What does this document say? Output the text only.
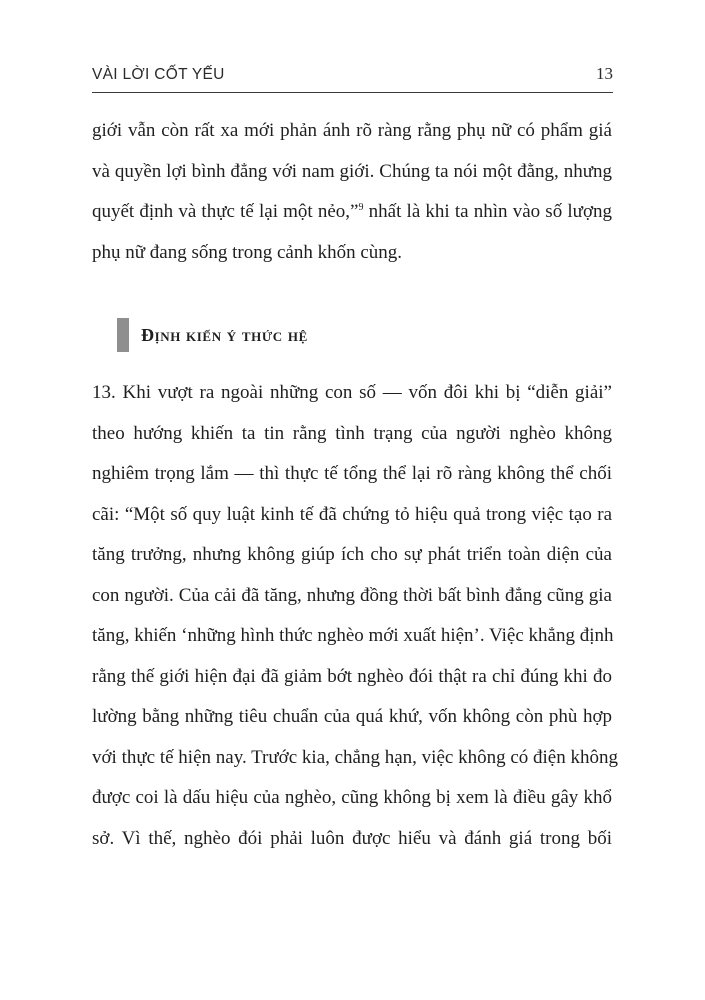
VÀI LỜI CỐT YẾU	13
giới vẫn còn rất xa mới phản ánh rõ ràng rằng phụ nữ có phẩm giá
và quyền lợi bình đẳng với nam giới. Chúng ta nói một đằng, nhưng
quyết định và thực tế lại một nẻo,”$^9$ nhất là khi ta nhìn vào số lượng
phụ nữ đang sống trong cảnh khốn cùng.
Định kiến ý thức hệ
13. Khi vượt ra ngoài những con số — vốn đôi khi bị “diễn giải”
theo hướng khiến ta tin rằng tình trạng của người nghèo không
nghiêm trọng lắm — thì thực tế tổng thể lại rõ ràng không thể chối
cãi: “Một số quy luật kinh tế đã chứng tỏ hiệu quả trong việc tạo ra
tăng trưởng, nhưng không giúp ích cho sự phát triển toàn diện của
con người. Của cải đã tăng, nhưng đồng thời bất bình đẳng cũng gia
tăng, khiến ‘những hình thức nghèo mới xuất hiện’. Việc khẳng định
rằng thế giới hiện đại đã giảm bớt nghèo đói thật ra chỉ đúng khi đo
lường bằng những tiêu chuẩn của quá khứ, vốn không còn phù hợp
với thực tế hiện nay. Trước kia, chẳng hạn, việc không có điện không
được coi là dấu hiệu của nghèo, cũng không bị xem là điều gây khổ
sở. Vì thế, nghèo đói phải luôn được hiểu và đánh giá trong bối
